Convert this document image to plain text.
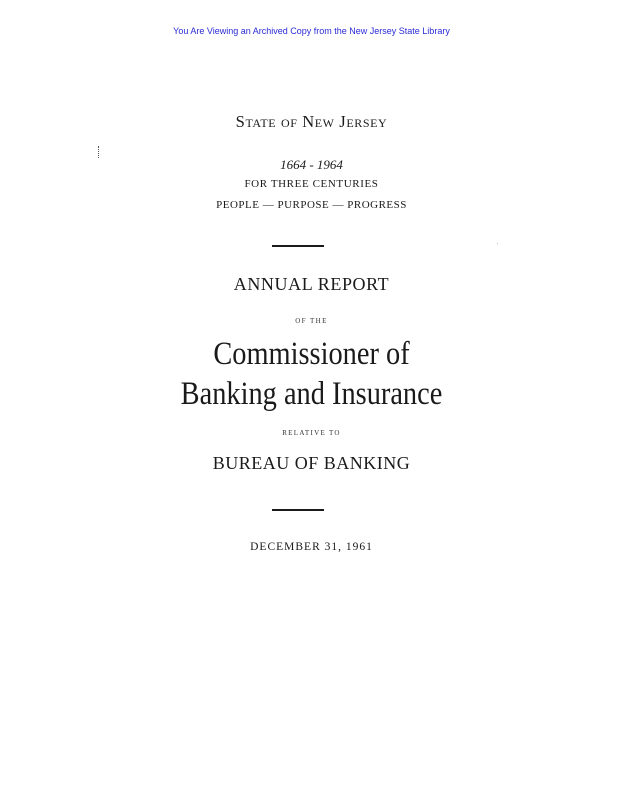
You Are Viewing an Archived Copy from the New Jersey State Library
State of New Jersey
1664 - 1964
FOR THREE CENTURIES
PEOPLE — PURPOSE — PROGRESS
ANNUAL REPORT
OF THE
Commissioner of
Banking and Insurance
RELATIVE TO
BUREAU OF BANKING
DECEMBER 31, 1961
